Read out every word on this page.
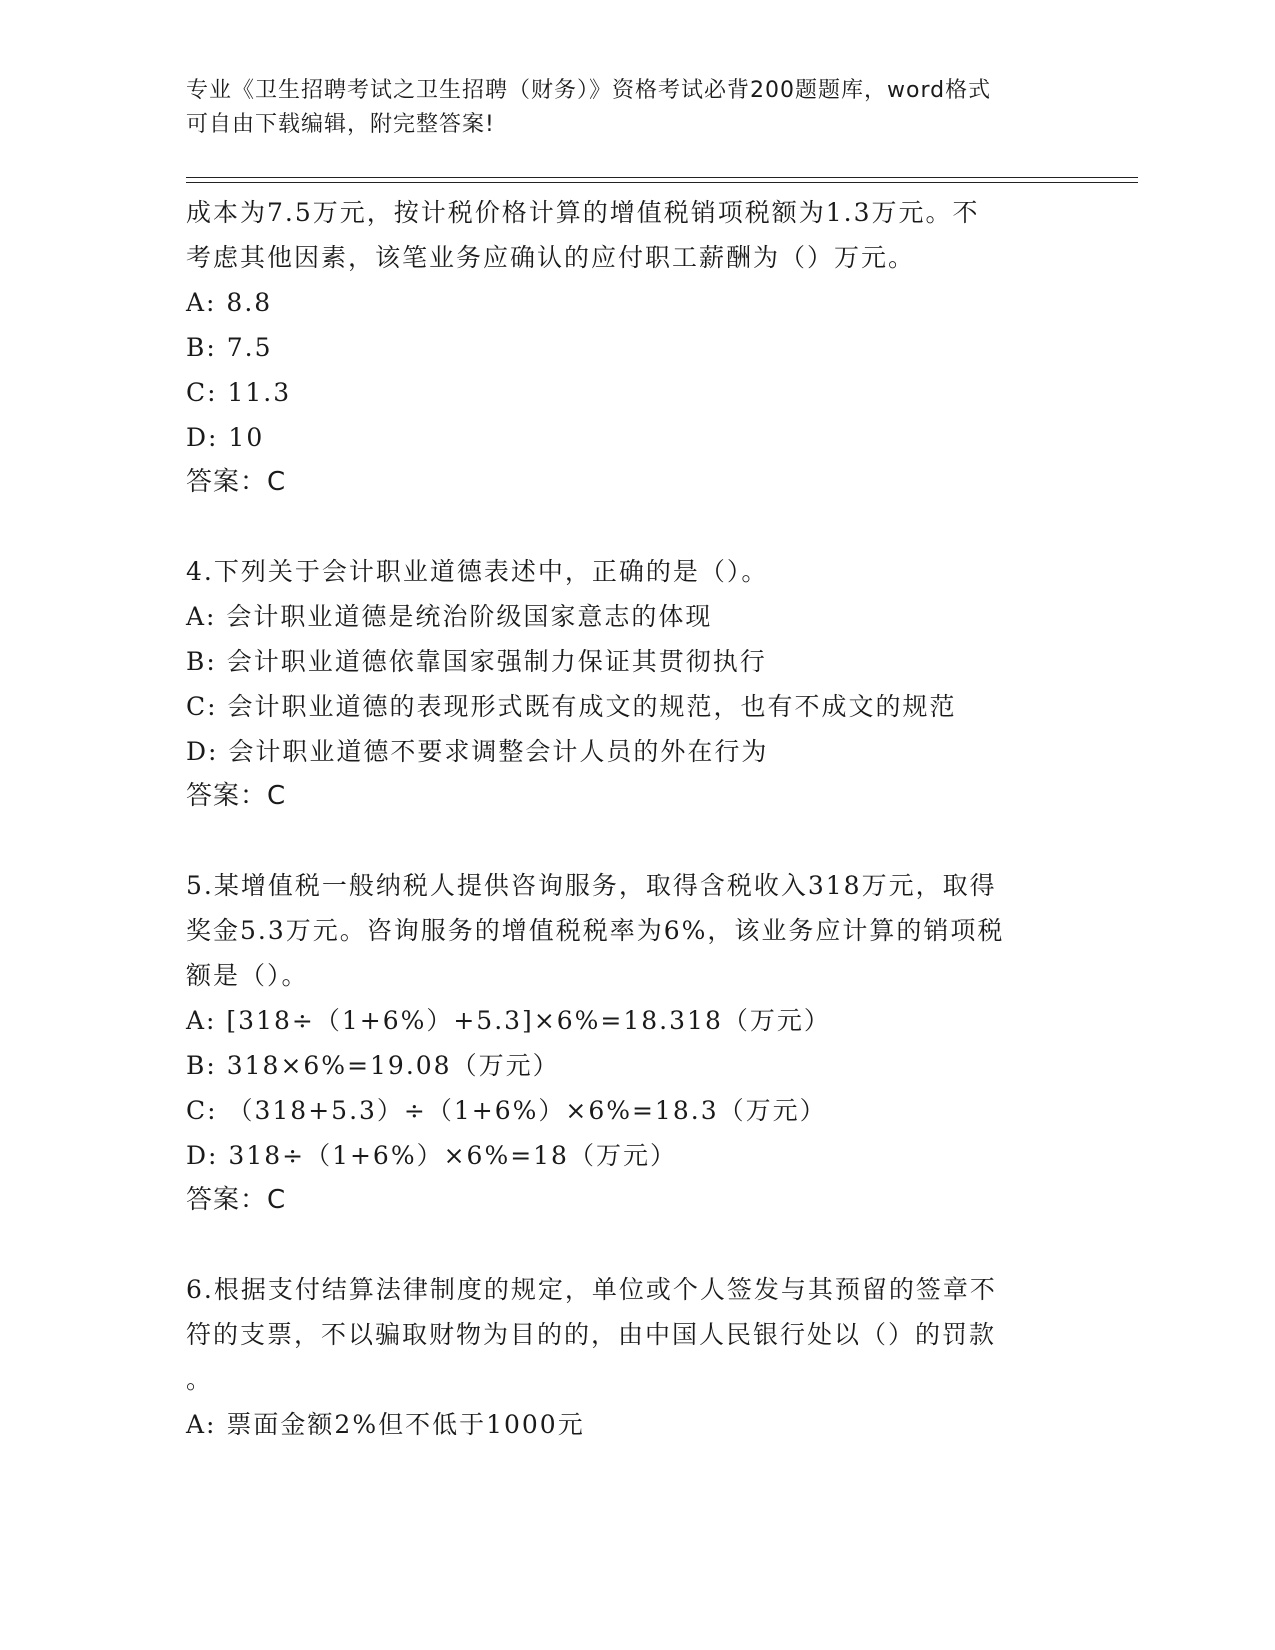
专业《卫生招聘考试之卫生招聘（财务）》资格考试必背200题题库，word格式
可自由下载编辑，附完整答案!
成本为7.5万元，按计税价格计算的增值税销项税额为1.3万元。不
考虑其他因素，该笔业务应确认的应付职工薪酬为（）万元。
A: 8.8
B: 7.5
C: 11.3
D: 10
答案：C
4.下列关于会计职业道德表述中，正确的是（）。
A: 会计职业道德是统治阶级国家意志的体现
B: 会计职业道德依靠国家强制力保证其贯彻执行
C: 会计职业道德的表现形式既有成文的规范，也有不成文的规范
D: 会计职业道德不要求调整会计人员的外在行为
答案：C
5.某增值税一般纳税人提供咨询服务，取得含税收入318万元，取得
奖金5.3万元。咨询服务的增值税税率为6%，该业务应计算的销项税
额是（）。
A: [318÷（1+6%）+5.3]×6%=18.318（万元）
B: 318×6%=19.08（万元）
C: （318+5.3）÷（1+6%）×6%=18.3（万元）
D: 318÷（1+6%）×6%=18（万元）
答案：C
6.根据支付结算法律制度的规定，单位或个人签发与其预留的签章不
符的支票，不以骗取财物为目的的，由中国人民银行处以（）的罚款
。
A: 票面金额2%但不低于1000元
